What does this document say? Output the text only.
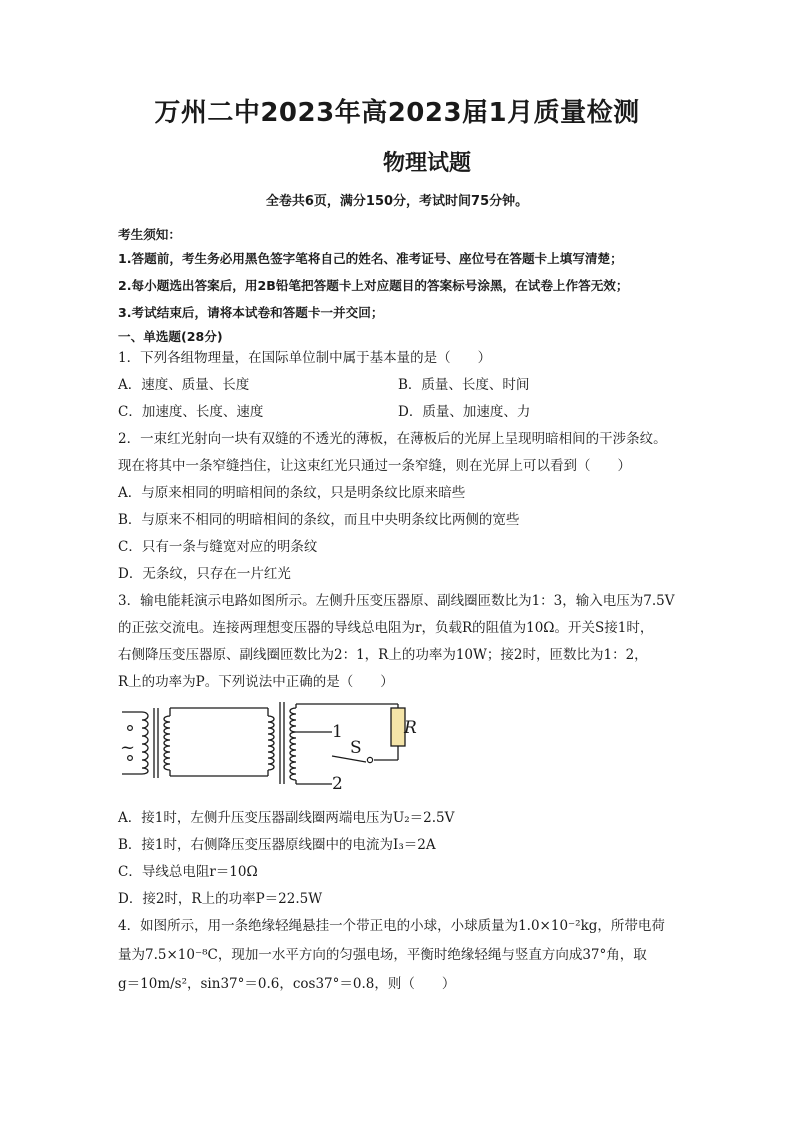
万州二中2023年高2023届1月质量检测
物理试题
全卷共6页，满分150分，考试时间75分钟。
考生须知：
1.答题前，考生务必用黑色签字笔将自己的姓名、准考证号、座位号在答题卡上填写清楚；
2.每小题选出答案后，用2B铅笔把答题卡上对应题目的答案标号涂黑，在试卷上作答无效；
3.考试结束后，请将本试卷和答题卡一并交回；
一、单选题(28分)
1．下列各组物理量，在国际单位制中属于基本量的是（　　）
A．速度、质量、长度	B．质量、长度、时间
C．加速度、长度、速度	D．质量、加速度、力
2．一束红光射向一块有双缝的不透光的薄板，在薄板后的光屏上呈现明暗相间的干涉条纹。
现在将其中一条窄缝挡住，让这束红光只通过一条窄缝，则在光屏上可以看到（　　）
A．与原来相同的明暗相间的条纹，只是明条纹比原来暗些
B．与原来不相同的明暗相间的条纹，而且中央明条纹比两侧的宽些
C．只有一条与缝宽对应的明条纹
D．无条纹，只存在一片红光
3．输电能耗演示电路如图所示。左侧升压变压器原、副线圈匝数比为1：3，输入电压为7.5V
的正弦交流电。连接两理想变压器的导线总电阻为r，负载R的阻值为10Ω。开关S接1时，
右侧降压变压器原、副线圈匝数比为2：1，R上的功率为10W；接2时，匝数比为1：2，
R上的功率为P。下列说法中正确的是（　　）
~
R
S
1
2
A．接1时，左侧升压变压器副线圈两端电压为U₂＝2.5V
B．接1时，右侧降压变压器原线圈中的电流为I₃＝2A
C．导线总电阻r＝10Ω
D．接2时，R上的功率P＝22.5W
4．如图所示，用一条绝缘轻绳悬挂一个带正电的小球，小球质量为1.0×10⁻²kg，所带电荷
量为7.5×10⁻⁸C，现加一水平方向的匀强电场，平衡时绝缘轻绳与竖直方向成37°角，取
g＝10m/s²，sin37°＝0.6，cos37°＝0.8，则（　　）
